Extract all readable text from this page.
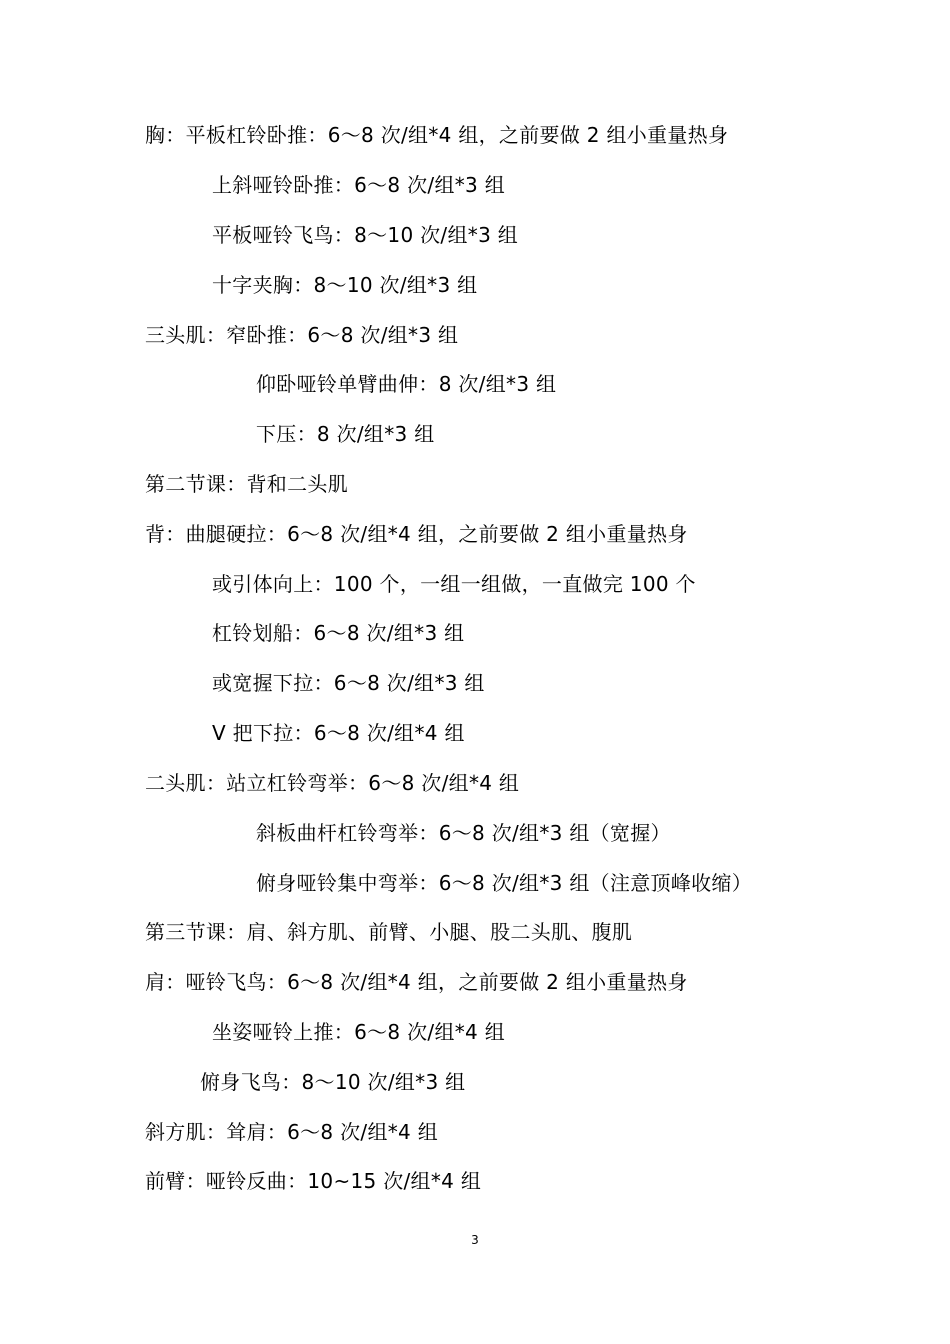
胸：平板杠铃卧推：6～8 次/组*4 组，之前要做 2 组小重量热身
上斜哑铃卧推：6～8 次/组*3 组
平板哑铃飞鸟：8～10 次/组*3 组
十字夹胸：8～10 次/组*3 组
三头肌：窄卧推：6～8 次/组*3 组
仰卧哑铃单臂曲伸：8 次/组*3 组
下压：8 次/组*3 组
第二节课：背和二头肌
背：曲腿硬拉：6～8 次/组*4 组，之前要做 2 组小重量热身
或引体向上：100 个，一组一组做，一直做完 100 个
杠铃划船：6～8 次/组*3 组
或宽握下拉：6～8 次/组*3 组
V 把下拉：6～8 次/组*4 组
二头肌：站立杠铃弯举：6～8 次/组*4 组
斜板曲杆杠铃弯举：6～8 次/组*3 组（宽握）
俯身哑铃集中弯举：6～8 次/组*3 组（注意顶峰收缩）
第三节课：肩、斜方肌、前臂、小腿、股二头肌、腹肌
肩：哑铃飞鸟：6～8 次/组*4 组，之前要做 2 组小重量热身
坐姿哑铃上推：6～8 次/组*4 组
俯身飞鸟：8～10 次/组*3 组
斜方肌：耸肩：6～8 次/组*4 组
前臂：哑铃反曲：10~15 次/组*4 组
3
